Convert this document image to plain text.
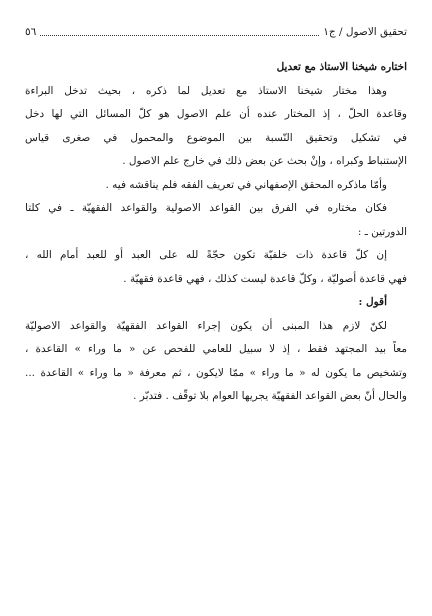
٥٦	تحقيق الاصول / ج١
اختاره شيخنا الاستاذ مع تعديل
وهذا مختار شيخنا الاستاذ مع تعديل لما ذكره ، بحيث تدخل البراءة
وقاعدة الحلّ ، إذ المختار عنده أن علم الاصول هو كلّ المسائل التي لها دخل
في تشكيل وتحقيق النّسبة بين الموضوع والمحمول في صغرى قياس
الإستنباط وكبراه ، وإنْ بحث عن بعض ذلك في خارج علم الاصول .
وأمّا ماذكره المحقق الإصفهاني في تعريف الفقه فلم يناقشه فيه .
فكان مختاره في الفرق بين القواعد الاصولية والقواعد الفقهيّة ـ في كلتا
الدورتين ـ :
إن كلّ قاعدة ذات خلفيّة تكون حجّةً لله على العبد أو للعبد أمام الله ،
فهي قاعدة أصوليّة ، وكلّ قاعدة ليست كذلك ، فهي قاعدة فقهيّة .
أقول :
لكنّ لازم هذا المبنى أن يكون إجراء القواعد الفقهيّة والقواعد الاصوليّة
معاً بيد المجتهد فقط ، إذ لا سبيل للعامي للفحص عن « ما وراء » القاعدة ،
وتشخيص ما يكون له « ما وراء » ممّا لايكون ، ثم معرفة « ما وراء » القاعدة ...
والحال أنّ بعض القواعد الفقهيّة يجريها العوام بلا توقّف . فتدبّر .
